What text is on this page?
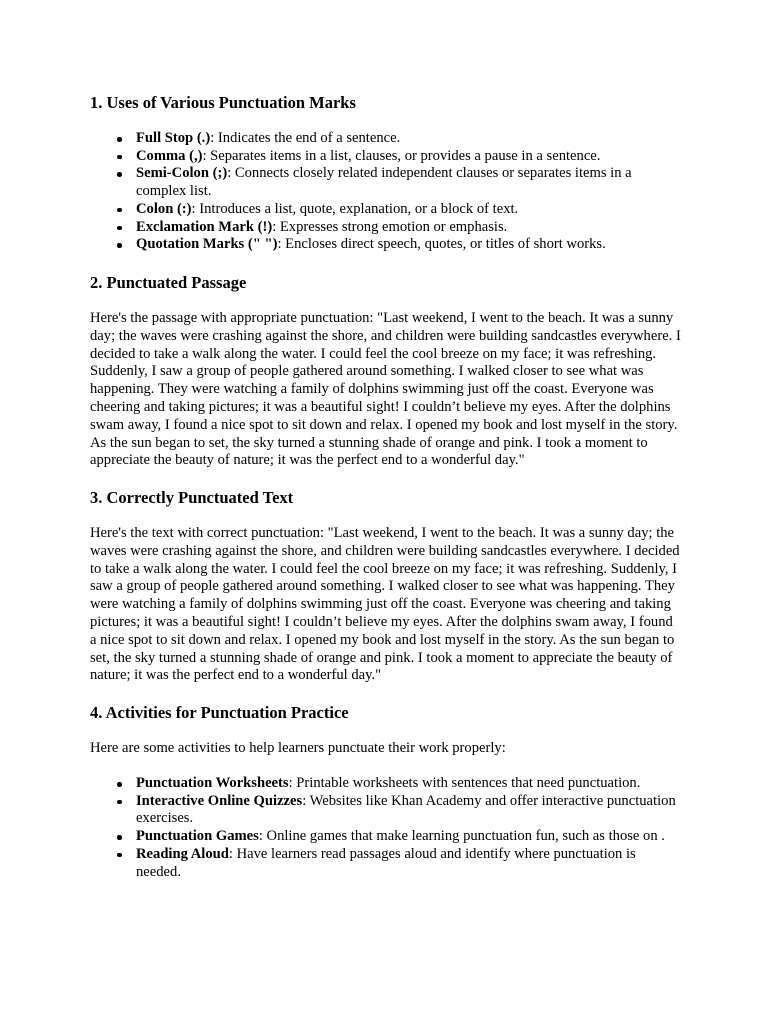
1. Uses of Various Punctuation Marks
Full Stop (.): Indicates the end of a sentence.
Comma (,): Separates items in a list, clauses, or provides a pause in a sentence.
Semi-Colon (;): Connects closely related independent clauses or separates items in a complex list.
Colon (:): Introduces a list, quote, explanation, or a block of text.
Exclamation Mark (!): Expresses strong emotion or emphasis.
Quotation Marks (" "): Encloses direct speech, quotes, or titles of short works.
2. Punctuated Passage

Here's the passage with appropriate punctuation: "Last weekend, I went to the beach. It was a sunny day; the waves were crashing against the shore, and children were building sandcastles everywhere. I decided to take a walk along the water. I could feel the cool breeze on my face; it was refreshing. Suddenly, I saw a group of people gathered around something. I walked closer to see what was happening. They were watching a family of dolphins swimming just off the coast. Everyone was cheering and taking pictures; it was a beautiful sight! I couldn’t believe my eyes. After the dolphins swam away, I found a nice spot to sit down and relax. I opened my book and lost myself in the story. As the sun began to set, the sky turned a stunning shade of orange and pink. I took a moment to appreciate the beauty of nature; it was the perfect end to a wonderful day."

3. Correctly Punctuated Text

Here's the text with correct punctuation: "Last weekend, I went to the beach. It was a sunny day; the waves were crashing against the shore, and children were building sandcastles everywhere. I decided to take a walk along the water. I could feel the cool breeze on my face; it was refreshing. Suddenly, I saw a group of people gathered around something. I walked closer to see what was happening. They were watching a family of dolphins swimming just off the coast. Everyone was cheering and taking pictures; it was a beautiful sight! I couldn’t believe my eyes. After the dolphins swam away, I found a nice spot to sit down and relax. I opened my book and lost myself in the story. As the sun began to set, the sky turned a stunning shade of orange and pink. I took a moment to appreciate the beauty of nature; it was the perfect end to a wonderful day."

4. Activities for Punctuation Practice

Here are some activities to help learners punctuate their work properly:

Punctuation Worksheets: Printable worksheets with sentences that need punctuation.
Interactive Online Quizzes: Websites like Khan Academy and offer interactive punctuation exercises.
Punctuation Games: Online games that make learning punctuation fun, such as those on .
Reading Aloud: Have learners read passages aloud and identify where punctuation is needed.
